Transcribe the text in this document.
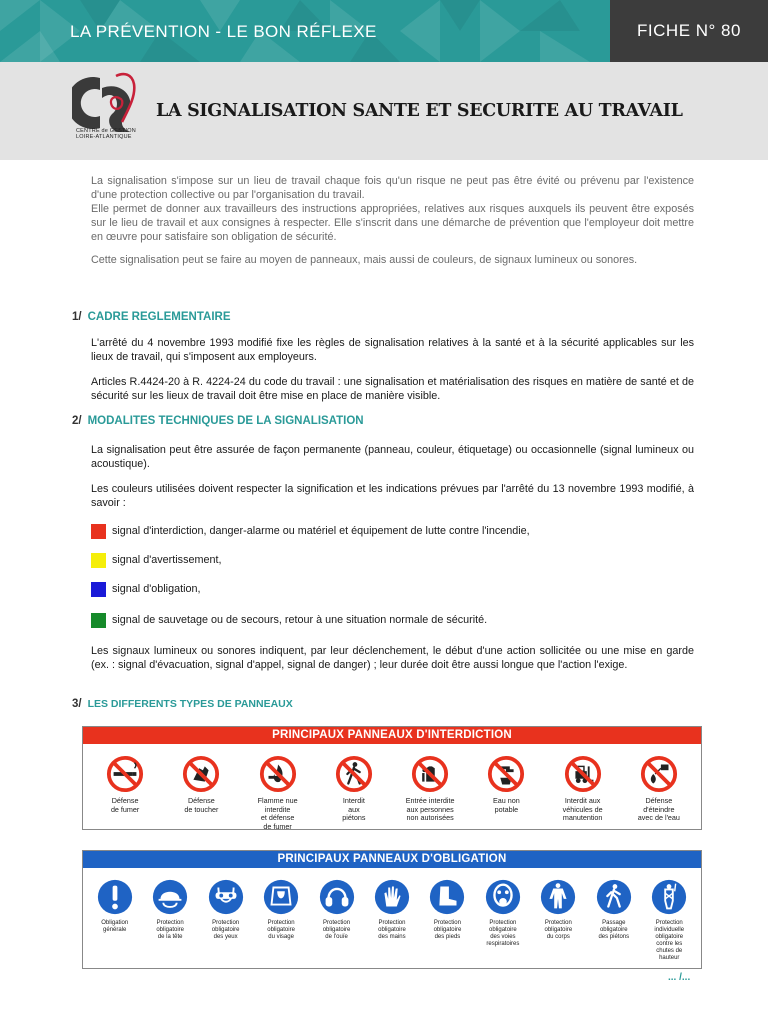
LA PRÉVENTION - LE BON RÉFLEXE	FICHE N° 80
CENTRE de GESTION
LOIRE-ATLANTIQUE
LA SIGNALISATION SANTE ET SECURITE AU TRAVAIL

La signalisation s'impose sur un lieu de travail chaque fois qu'un risque ne peut pas être évité ou prévenu par l'existence d'une protection collective ou par l'organisation du travail.

Elle permet de donner aux travailleurs des instructions appropriées, relatives aux risques auxquels ils peuvent être exposés sur le lieu de travail et aux consignes à respecter. Elle s'inscrit dans une démarche de prévention que l'employeur doit mettre en œuvre pour satisfaire son obligation de sécurité.

Cette signalisation peut se faire au moyen de panneaux, mais aussi de couleurs, de signaux lumineux ou sonores.

1/ CADRE REGLEMENTAIRE

L'arrêté du 4 novembre 1993 modifié fixe les règles de signalisation relatives à la santé et à la sécurité applicables sur les lieux de travail, qui s'imposent aux employeurs.

Articles R.4424-20 à R. 4224-24 du code du travail : une signalisation et matérialisation des risques en matière de santé et de sécurité sur les lieux de travail doit être mise en place de manière visible.

2/ MODALITES TECHNIQUES DE LA SIGNALISATION

La signalisation peut être assurée de façon permanente (panneau, couleur, étiquetage) ou occasionnelle (signal lumineux ou acoustique).

Les couleurs utilisées doivent respecter la signification et les indications prévues par l'arrêté du 13 novembre 1993 modifié, à savoir :

signal d'interdiction, danger-alarme ou matériel et équipement de lutte contre l'incendie,
signal d'avertissement,
signal d'obligation,
signal de sauvetage ou de secours, retour à une situation normale de sécurité.

Les signaux lumineux ou sonores indiquent, par leur déclenchement, le début d'une action sollicitée ou une mise en garde (ex. : signal d'évacuation, signal d'appel, signal de danger) ; leur durée doit être aussi longue que l'action l'exige.

3/ LES DIFFERENTS TYPES DE PANNEAUX
PRINCIPAUX PANNEAUX D'INTERDICTION
Défense
de fumer
Défense
de toucher
Flamme nue
interdite
et défense
de fumer
Interdit
aux
piétons
Entrée interdite
aux personnes
non autorisées
Eau non
potable
Interdit aux
véhicules de
manutention
Défense
d'éteindre
avec de l'eau
PRINCIPAUX PANNEAUX D'OBLIGATION
Obligation
générale
Protection
obligatoire
de la tête
Protection
obligatoire
des yeux
Protection
obligatoire
du visage
Protection
obligatoire
de l'ouïe
Protection
obligatoire
des mains
Protection
obligatoire
des pieds
Protection
obligatoire
des voies
respiratoires
Protection
obligatoire
du corps
Passage
obligatoire
des piétons
Protection
individuelle
obligatoire
contre les
chutes de
hauteur
... /...
